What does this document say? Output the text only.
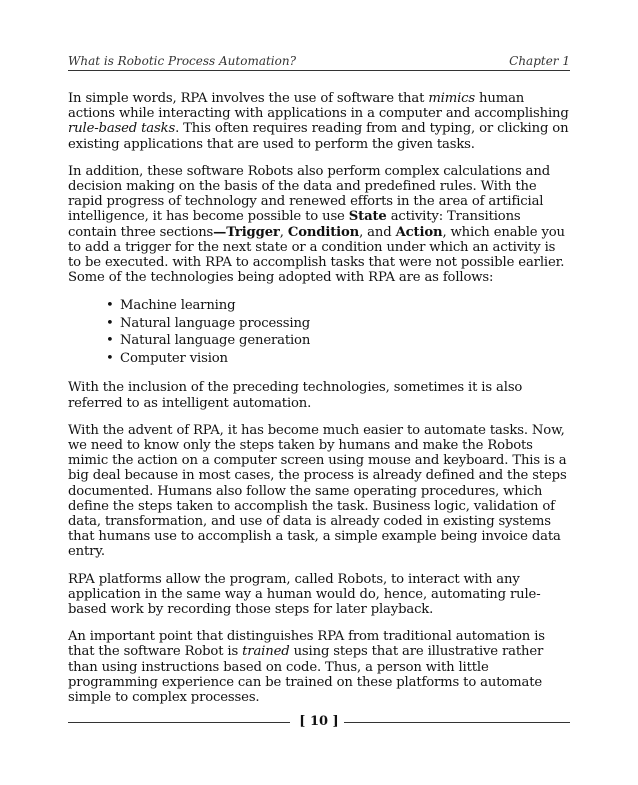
What is Robotic Process Automation?	Chapter 1

In simple words, RPA involves the use of software that mimics human actions while interacting with applications in a computer and accomplishing rule-based tasks. This often requires reading from and typing, or clicking on existing applications that are used to perform the given tasks.

In addition, these software Robots also perform complex calculations and decision making on the basis of the data and predefined rules. With the rapid progress of technology and renewed efforts in the area of artificial intelligence, it has become possible to use State activity: Transitions contain three sections—Trigger, Condition, and Action, which enable you to add a trigger for the next state or a condition under which an activity is to be executed. with RPA to accomplish tasks that were not possible earlier. Some of the technologies being adopted with RPA are as follows:

• Machine learning
• Natural language processing
• Natural language generation
• Computer vision

With the inclusion of the preceding technologies, sometimes it is also referred to as intelligent automation.

With the advent of RPA, it has become much easier to automate tasks. Now, we need to know only the steps taken by humans and make the Robots mimic the action on a computer screen using mouse and keyboard. This is a big deal because in most cases, the process is already defined and the steps documented. Humans also follow the same operating procedures, which define the steps taken to accomplish the task. Business logic, validation of data, transformation, and use of data is already coded in existing systems that humans use to accomplish a task, a simple example being invoice data entry.

RPA platforms allow the program, called Robots, to interact with any application in the same way a human would do, hence, automating rule-based work by recording those steps for later playback.

An important point that distinguishes RPA from traditional automation is that the software Robot is trained using steps that are illustrative rather than using instructions based on code. Thus, a person with little programming experience can be trained on these platforms to automate simple to complex processes.

[ 10 ]
